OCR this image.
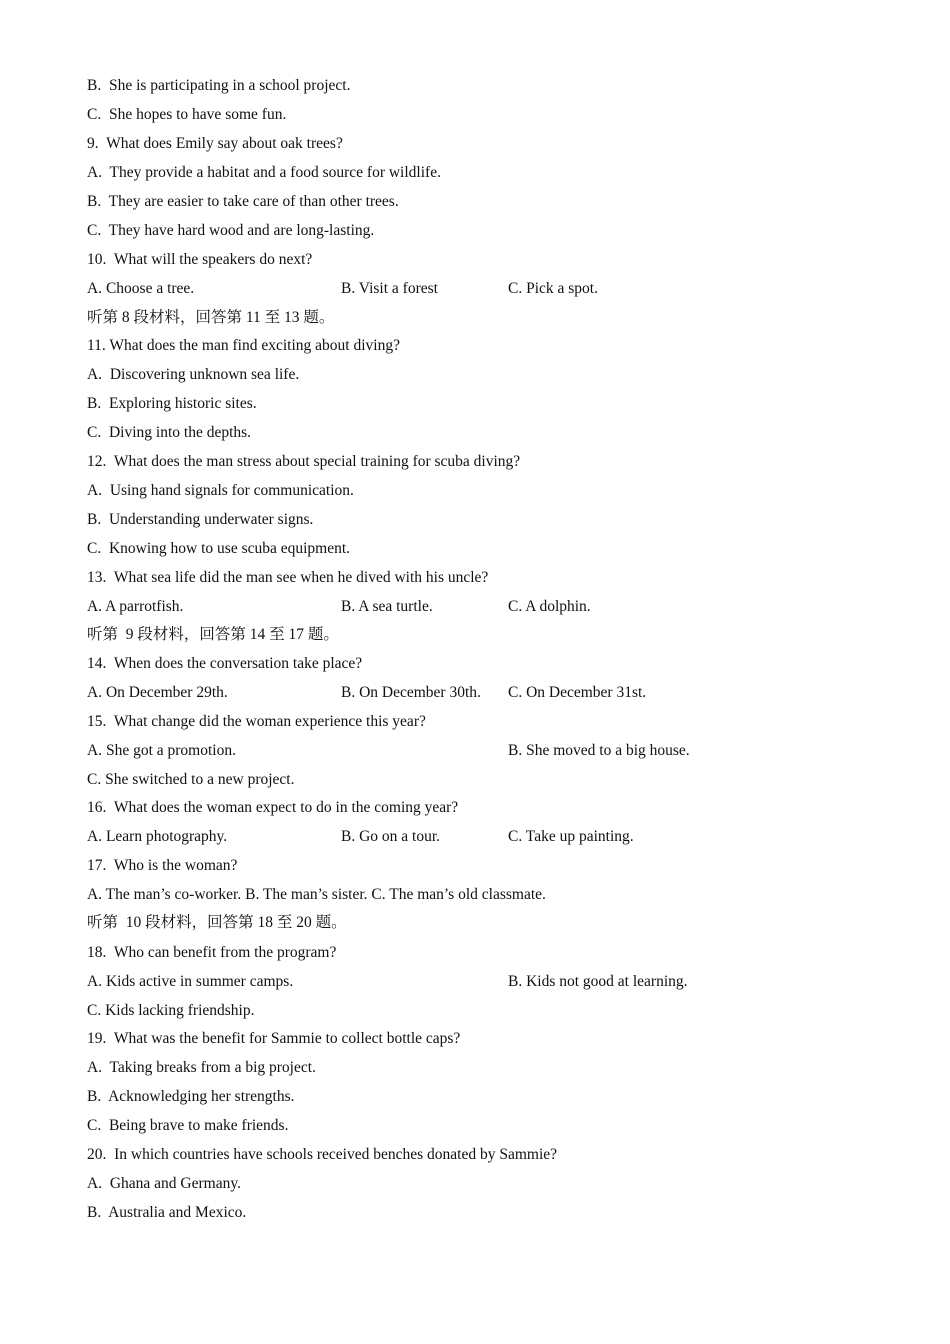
B.  She is participating in a school project.
C.  She hopes to have some fun.
9.  What does Emily say about oak trees?
A.  They provide a habitat and a food source for wildlife.
B.  They are easier to take care of than other trees.
C.  They have hard wood and are long-lasting.
10.  What will the speakers do next?
A. Choose a tree.	B. Visit a forest	C. Pick a spot.
听第 8 段材料，回答第 11 至 13 题。
11. What does the man find exciting about diving?
A.  Discovering unknown sea life.
B.  Exploring historic sites.
C.  Diving into the depths.
12.  What does the man stress about special training for scuba diving?
A.  Using hand signals for communication.
B.  Understanding underwater signs.
C.  Knowing how to use scuba equipment.
13.  What sea life did the man see when he dived with his uncle?
A. A parrotfish.	B. A sea turtle.	C. A dolphin.
听第  9 段材料，回答第 14 至 17 题。
14.  When does the conversation take place?
A. On December 29th.	B. On December 30th. C. On December 31st.
15.  What change did the woman experience this year?
A. She got a promotion.	B. She moved to a big house.
C. She switched to a new project.
16.  What does the woman expect to do in the coming year?
A. Learn photography.	B. Go on a tour.	C. Take up painting.
17.  Who is the woman?
A. The man’s co-worker. B. The man’s sister. C. The man’s old classmate.
听第  10 段材料，回答第 18 至 20 题。
18.  Who can benefit from the program?
A. Kids active in summer camps.	B. Kids not good at learning.
C. Kids lacking friendship.
19.  What was the benefit for Sammie to collect bottle caps?
A.  Taking breaks from a big project.
B.  Acknowledging her strengths.
C.  Being brave to make friends.
20.  In which countries have schools received benches donated by Sammie?
A.  Ghana and Germany.
B.  Australia and Mexico.
